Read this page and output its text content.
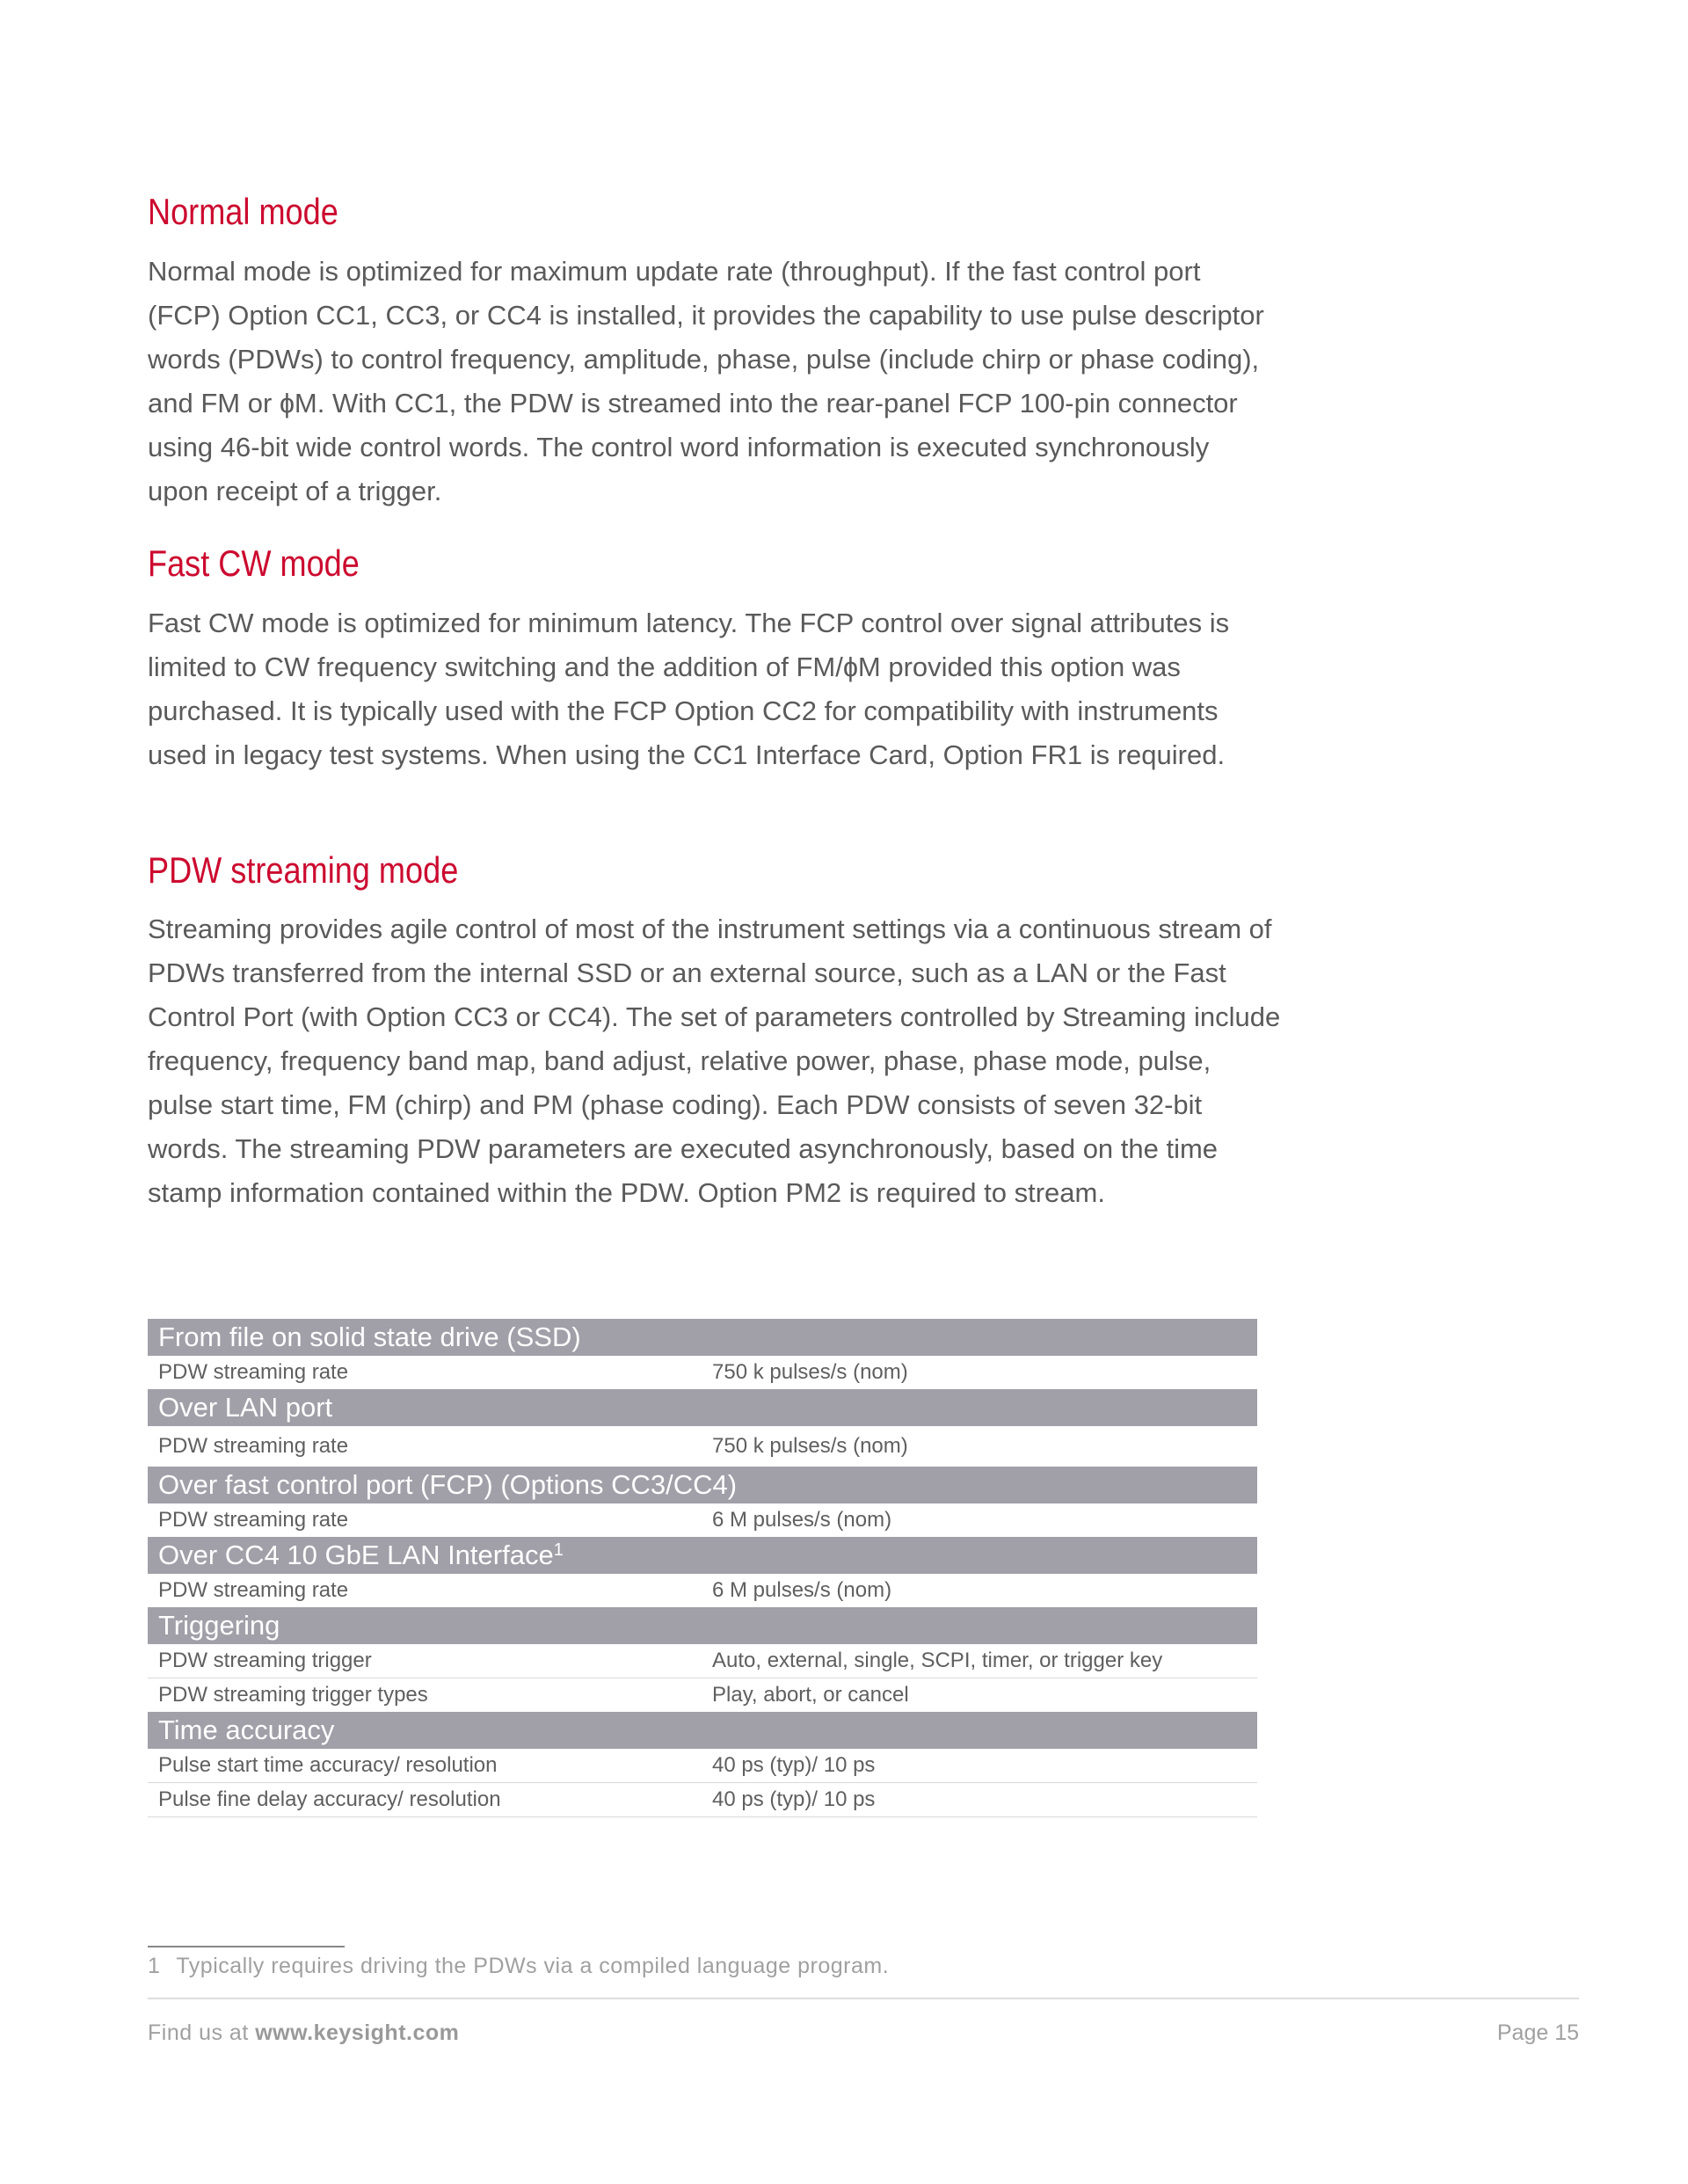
Normal mode

Normal mode is optimized for maximum update rate (throughput). If the fast control port (FCP) Option CC1, CC3, or CC4 is installed, it provides the capability to use pulse descriptor words (PDWs) to control frequency, amplitude, phase, pulse (include chirp or phase coding), and FM or ɸM. With CC1, the PDW is streamed into the rear-panel FCP 100-pin connector using 46-bit wide control words. The control word information is executed synchronously upon receipt of a trigger.

Fast CW mode

Fast CW mode is optimized for minimum latency. The FCP control over signal attributes is limited to CW frequency switching and the addition of FM/ɸM provided this option was purchased. It is typically used with the FCP Option CC2 for compatibility with instruments used in legacy test systems. When using the CC1 Interface Card, Option FR1 is required.

PDW streaming mode

Streaming provides agile control of most of the instrument settings via a continuous stream of PDWs transferred from the internal SSD or an external source, such as a LAN or the Fast Control Port (with Option CC3 or CC4). The set of parameters controlled by Streaming include frequency, frequency band map, band adjust, relative power, phase, phase mode, pulse, pulse start time, FM (chirp) and PM (phase coding). Each PDW consists of seven 32-bit words. The streaming PDW parameters are executed asynchronously, based on the time stamp information contained within the PDW. Option PM2 is required to stream.

From file on solid state drive (SSD)	
PDW streaming rate	750 k pulses/s (nom)
Over LAN port	
PDW streaming rate	750 k pulses/s (nom)
Over fast control port (FCP) (Options CC3/CC4)	
PDW streaming rate	6 M pulses/s (nom)
Over CC4 10 GbE LAN Interface$^1$
PDW streaming rate	6 M pulses/s (nom)
Triggering	
PDW streaming trigger	Auto, external, single, SCPI, timer, or trigger key
PDW streaming trigger types	Play, abort, or cancel
Time accuracy	
Pulse start time accuracy/ resolution	40 ps (typ)/ 10 ps
Pulse fine delay accuracy/ resolution	40 ps (typ)/ 10 ps
1 Typically requires driving the PDWs via a compiled language program.
Find us at www.keysight.com	Page 15
